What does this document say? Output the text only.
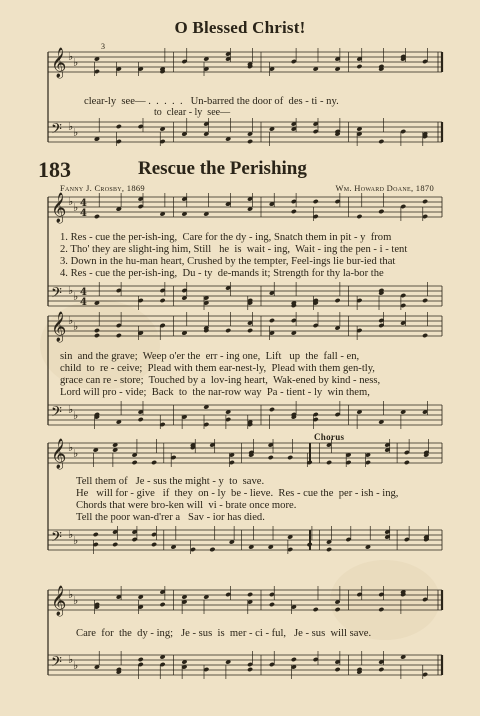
𝄞 ♭ ♭
𝄢 ♭ ♭
𝄞 ♭ ♭
𝄢 ♭ ♭
𝄞 ♭ ♭
𝄢 ♭ ♭
𝄞 ♭ ♭
𝄢 ♭ ♭
𝄞 ♭ ♭
𝄢 ♭ ♭
4
4
4
4
O Blessed Christ!
clear-ly  see— .  .  .  .  .   Un-barred the door of  des - ti - ny.
to  clear - ly  see—
3
183	Rescue the Perishing
Fanny J. Crosby, 1869	Wm. Howard Doane, 1870
1. Res - cue the per-ish-ing,  Care for the dy - ing, Snatch them in pit - y  from
2. Tho' they are slight-ing him, Still   he  is  wait - ing,  Wait - ing the pen - i - tent
3. Down in the hu-man heart, Crushed by the tempter, Feel-ings lie bur-ied that
4. Res - cue the per-ish-ing,  Du - ty  de-mands it; Strength for thy la-bor the
sin  and the grave;  Weep o'er the  err - ing one,  Lift   up  the  fall - en,
child  to  re - ceive;  Plead with them ear-nest-ly,  Plead with them gen-tly,
grace can re - store;  Touched by a  lov-ing heart,  Wak-ened by kind - ness,
Lord will pro - vide;  Back  to  the nar-row way  Pa - tient - ly  win them,
Chorus
Tell them of   Je - sus the might - y  to  save.
He   will for - give   if  they  on - ly  be - lieve.  Res - cue the  per - ish - ing,
Chords that were bro-ken will  vi - brate once more.
Tell the poor wan-d'rer a   Sav - ior has died.
Care  for  the  dy - ing;   Je - sus  is  mer - ci - ful,   Je - sus  will save.
